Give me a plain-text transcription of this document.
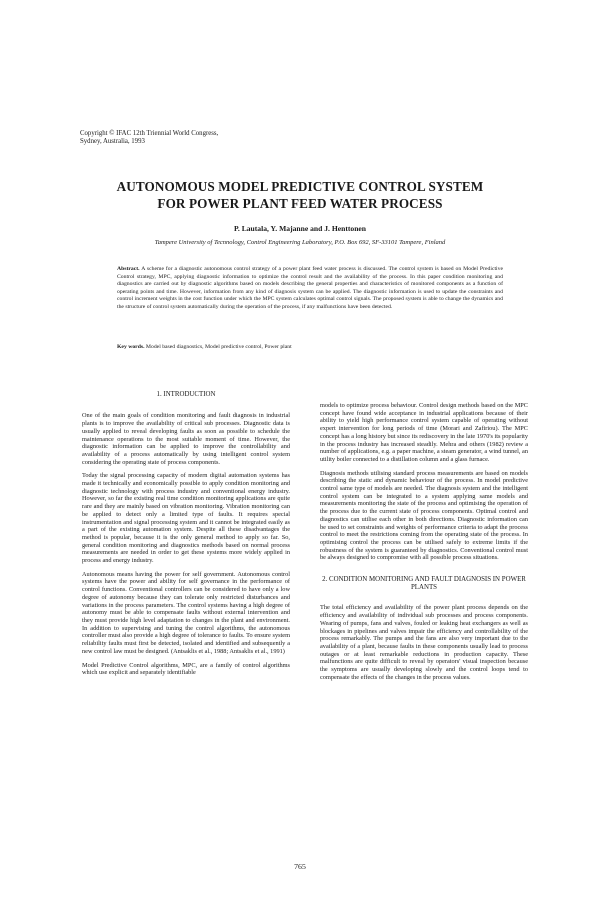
Copyright © IFAC 12th Triennial World Congress,
Sydney, Australia, 1993
AUTONOMOUS MODEL PREDICTIVE CONTROL SYSTEM
FOR POWER PLANT FEED WATER PROCESS
P. Lautala, Y. Majanne and J. Henttonen
Tampere University of Tecnnology, Control Engineering Laboratory, P.O. Box 692, SF-33101 Tampere, Finland
Abstract. A scheme for a diagnostic autonomous control strategy of a power plant feed water process is discussed. The control system is based on Model Predictive Control strategy, MPC, applying diagnostic information to optimize the control result and the availability of the process. In this paper condition monitoring and diagnostics are carried out by diagnostic algorithms based on models describing the general properties and characteristics of monitored components as a function of operating points and time. However, information from any kind of diagnosis system can be applied. The diagnostic information is used to update the constraints and control increment weights in the cost function under which the MPC system calculates optimal control signals. The proposed system is able to change the dynamics and the structure of control system automatically during the operation of the process, if any malfunctions have been detected.
Key words. Model based diagnostics, Model predictive control, Power plant
1. INTRODUCTION

One of the main goals of condition monitoring and fault diagnosis in industrial plants is to improve the availability of critical sub processes. Diagnostic data is usually applied to reveal developing faults as soon as possible to schedule the maintenance operations to the most suitable moment of time. However, the diagnostic information can be applied to improve the controllability and availability of a process automatically by using intelligent control system considering the operating state of process components.

Today the signal processing capacity of modern digital automation systems has made it technically and economically possible to apply condition monitoring and diagnostic technology with process industry and conventional energy industry. However, so far the existing real time condition monitoring applications are quite rare and they are mainly based on vibration monitoring. Vibration monitoring can be applied to detect only a limited type of faults. It requires special instrumentation and signal processing system and it cannot be integrated easily as a part of the existing automation system. Despite all these disadvantages the method is popular, because it is the only general method to apply so far. So, general condition monitoring and diagnostics methods based on normal process measurements are needed in order to get these systems more widely applied in process and energy industry.

Autonomous means having the power for self government. Autonomous control systems have the power and ability for self governance in the performance of control functions. Conventional controllers can be considered to have only a low degree of autonomy because they can tolerate only restricted disturbances and variations in the process parameters. The control systems having a high degree of autonomy must be able to compensate faults without external intervention and they must provide high level adaptation to changes in the plant and environment. In addition to supervising and tuning the control algorithms, the autonomous controller must also provide a high degree of tolerance to faults. To ensure system reliability faults must first be detected, isolated and identified and subsequently a new control law must be designed. (Antsaklis et al., 1988; Antsaklis et al., 1991)

Model Predictive Control algorithms, MPC, are a family of control algorithms which use explicit and separately identifiable

models to optimize process behaviour. Control design methods based on the MPC concept have found wide acceptance in industrial applications because of their ability to yield high performance control system capable of operating without expert intervention for long periods of time (Morari and Zafiriou). The MPC concept has a long history but since its rediscovery in the late 1970's its popularity in the process industry has increased steadily. Mehra and others (1982) review a number of applications, e.g. a paper machine, a steam generator, a wind tunnel, an utility boiler connected to a distillation column and a glass furnace.

Diagnosis methods utilising standard process measurements are based on models describing the static and dynamic behaviour of the process. In model predictive control same type of models are needed. The diagnosis system and the intelligent control system can be integrated to a system applying same models and measurements monitoring the state of the process and optimising the operation of the process due to the current state of process components. Optimal control and diagnostics can utilise each other in both directions. Diagnostic information can be used to set constraints and weights of performance criteria to adapt the process control to meet the restrictions coming from the operating state of the process. In optimising control the process can be utilised safely to extreme limits if the robustness of the system is guaranteed by diagnostics. Conventional control must be always designed to compromise with all possible process situations.

2. CONDITION MONITORING AND FAULT DIAGNOSIS IN POWER PLANTS

The total efficiency and availability of the power plant process depends on the efficiency and availability of individual sub processes and process components. Wearing of pumps, fans and valves, fouled or leaking heat exchangers as well as blockages in pipelines and valves impair the efficiency and controllability of the process remarkably. The pumps and the fans are also very important due to the availability of a plant, because faults in these components usually lead to process outages or at least remarkable reductions in production capacity. These malfunctions are quite difficult to reveal by operators' visual inspection because the symptoms are usually developing slowly and the control loops tend to compensate the effects of the changes in the process values.

765
